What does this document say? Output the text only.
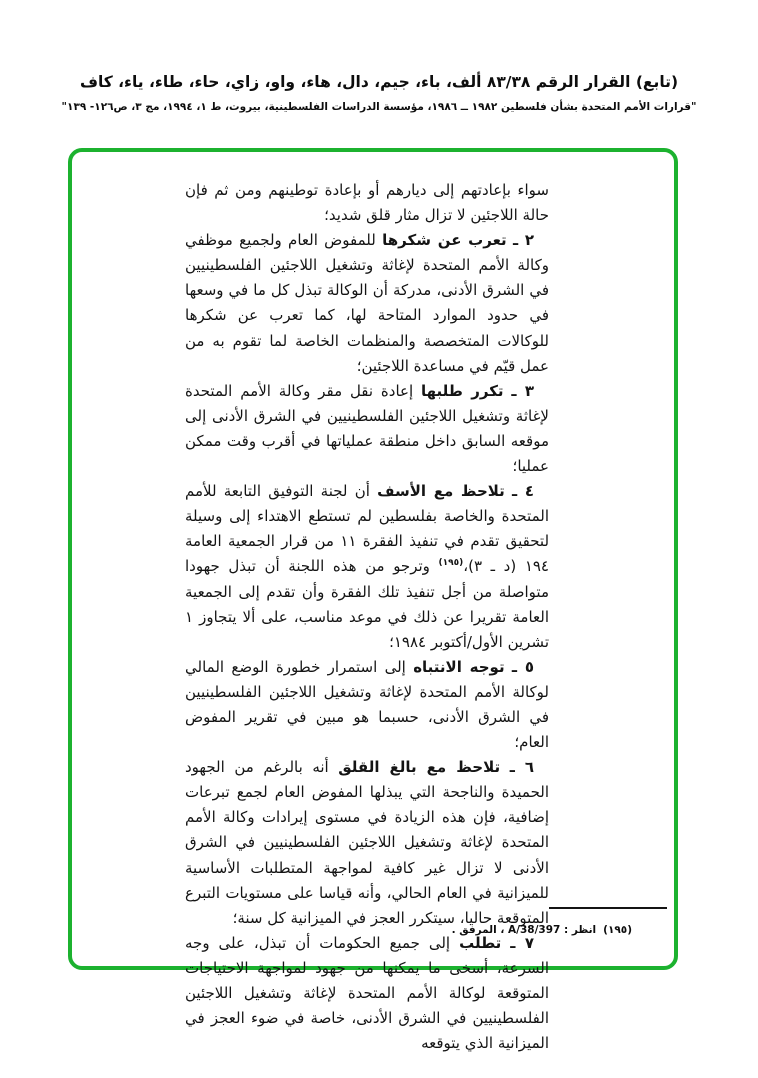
(تابع) القرار الرقم ٨٣/٣٨ ألف، باء، جيم، دال، هاء، واو، زاي، حاء، طاء، ياء، كاف
"قرارات الأمم المتحدة بشأن فلسطين ١٩٨٢ ــ ١٩٨٦، مؤسسة الدراسات الفلسطينية، بيروت، ط ١، ١٩٩٤، مج ٣، ص١٢٦- ١٣٩"

سواء بإعادتهم إلى ديارهم أو بإعادة توطينهم ومن ثم فإن حالة اللاجئين لا تزال مثار قلق شديد؛

٢ ـ تعرب عن شكرها للمفوض العام ولجميع موظفي وكالة الأمم المتحدة لإغاثة وتشغيل اللاجئين الفلسطينيين في الشرق الأدنى، مدركة أن الوكالة تبذل كل ما في وسعها في حدود الموارد المتاحة لها، كما تعرب عن شكرها للوكالات المتخصصة والمنظمات الخاصة لما تقوم به من عمل قيّم في مساعدة اللاجئين؛

٣ ـ تكرر طلبها إعادة نقل مقر وكالة الأمم المتحدة لإغاثة وتشغيل اللاجئين الفلسطينيين في الشرق الأدنى إلى موقعه السابق داخل منطقة عملياتها في أقرب وقت ممكن عمليا؛

٤ ـ تلاحظ مع الأسف أن لجنة التوفيق التابعة للأمم المتحدة والخاصة بفلسطين لم تستطع الاهتداء إلى وسيلة لتحقيق تقدم في تنفيذ الفقرة ١١ من قرار الجمعية العامة ١٩٤ (د ـ ٣)،$^{(١٩٥)}$ وترجو من هذه اللجنة أن تبذل جهودا متواصلة من أجل تنفيذ تلك الفقرة وأن تقدم إلى الجمعية العامة تقريرا عن ذلك في موعد مناسب، على ألا يتجاوز ١ تشرين الأول/أكتوبر ١٩٨٤؛

٥ ـ توجه الانتباه إلى استمرار خطورة الوضع المالي لوكالة الأمم المتحدة لإغاثة وتشغيل اللاجئين الفلسطينيين في الشرق الأدنى، حسبما هو مبين في تقرير المفوض العام؛

٦ ـ تلاحظ مع بالغ القلق أنه بالرغم من الجهود الحميدة والناجحة التي يبذلها المفوض العام لجمع تبرعات إضافية، فإن هذه الزيادة في مستوى إيرادات وكالة الأمم المتحدة لإغاثة وتشغيل اللاجئين الفلسطينيين في الشرق الأدنى لا تزال غير كافية لمواجهة المتطلبات الأساسية للميزانية في العام الحالي، وأنه قياسا على مستويات التبرع المتوقعة حاليا، سيتكرر العجز في الميزانية كل سنة؛

٧ ـ تطلب إلى جميع الحكومات أن تبذل، على وجه السرعة، أسخى ما يمكنها من جهود لمواجهة الاحتياجات المتوقعة لوكالة الأمم المتحدة لإغاثة وتشغيل اللاجئين الفلسطينيين في الشرق الأدنى، خاصة في ضوء العجز في الميزانية الذي يتوقعه

(١٩٥)انظر : A/38/397 ، المرفق .
